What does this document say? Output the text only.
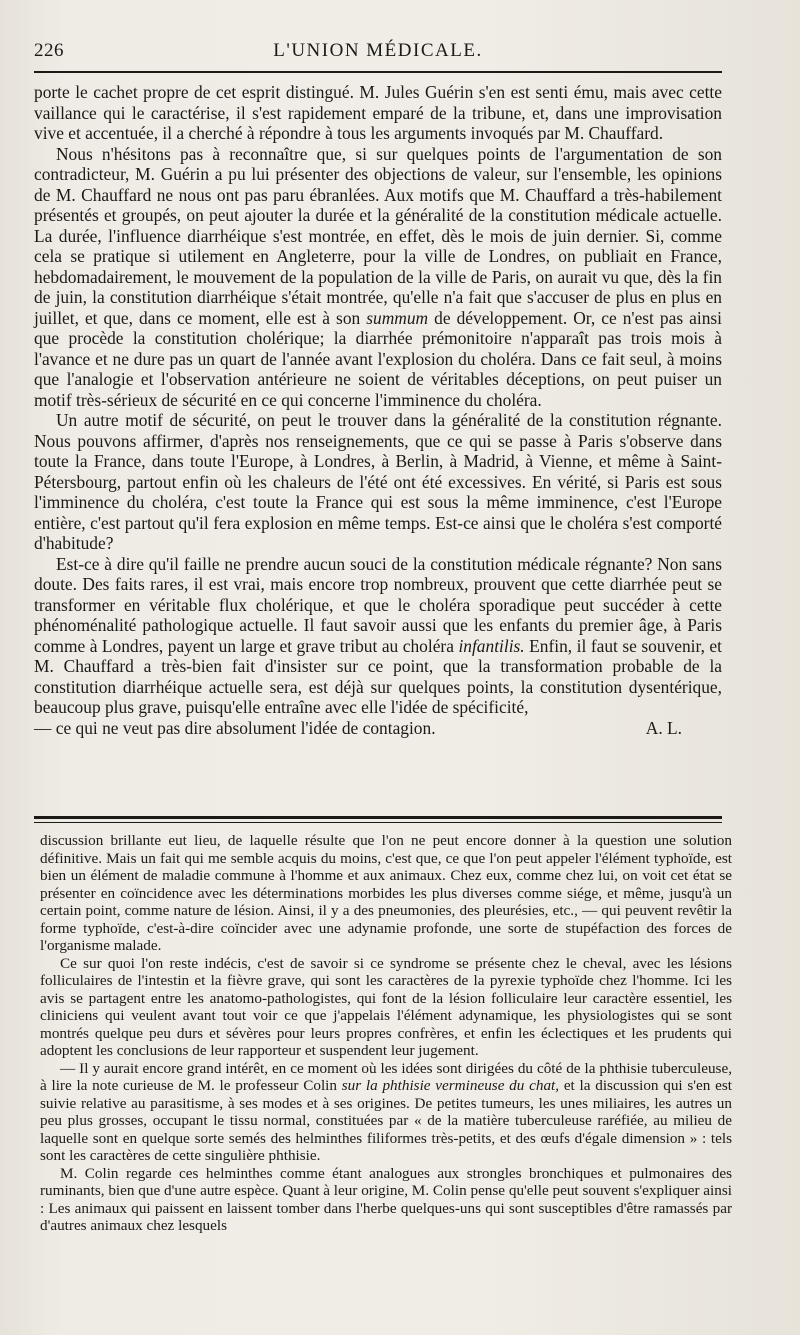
226	L'UNION MÉDICALE.

porte le cachet propre de cet esprit distingué. M. Jules Guérin s'en est senti ému, mais avec cette vaillance qui le caractérise, il s'est rapidement emparé de la tribune, et, dans une improvisation vive et accentuée, il a cherché à répondre à tous les arguments invoqués par M. Chauffard.

Nous n'hésitons pas à reconnaître que, si sur quelques points de l'argumentation de son contradicteur, M. Guérin a pu lui présenter des objections de valeur, sur l'ensemble, les opinions de M. Chauffard ne nous ont pas paru ébranlées. Aux motifs que M. Chauffard a très-habilement présentés et groupés, on peut ajouter la durée et la généralité de la constitution médicale actuelle. La durée, l'influence diarrhéique s'est montrée, en effet, dès le mois de juin dernier. Si, comme cela se pratique si utilement en Angleterre, pour la ville de Londres, on publiait en France, hebdomadairement, le mouvement de la population de la ville de Paris, on aurait vu que, dès la fin de juin, la constitution diarrhéique s'était montrée, qu'elle n'a fait que s'accuser de plus en plus en juillet, et que, dans ce moment, elle est à son summum de développement. Or, ce n'est pas ainsi que procède la constitution cholérique; la diarrhée prémonitoire n'apparaît pas trois mois à l'avance et ne dure pas un quart de l'année avant l'explosion du choléra. Dans ce fait seul, à moins que l'analogie et l'observation antérieure ne soient de véritables déceptions, on peut puiser un motif très-sérieux de sécurité en ce qui concerne l'imminence du choléra.

Un autre motif de sécurité, on peut le trouver dans la généralité de la constitution régnante. Nous pouvons affirmer, d'après nos renseignements, que ce qui se passe à Paris s'observe dans toute la France, dans toute l'Europe, à Londres, à Berlin, à Madrid, à Vienne, et même à Saint-Pétersbourg, partout enfin où les chaleurs de l'été ont été excessives. En vérité, si Paris est sous l'imminence du choléra, c'est toute la France qui est sous la même imminence, c'est l'Europe entière, c'est partout qu'il fera explosion en même temps. Est-ce ainsi que le choléra s'est comporté d'habitude?

Est-ce à dire qu'il faille ne prendre aucun souci de la constitution médicale régnante? Non sans doute. Des faits rares, il est vrai, mais encore trop nombreux, prouvent que cette diarrhée peut se transformer en véritable flux cholérique, et que le choléra sporadique peut succéder à cette phénoménalité pathologique actuelle. Il faut savoir aussi que les enfants du premier âge, à Paris comme à Londres, payent un large et grave tribut au choléra infantilis. Enfin, il faut se souvenir, et M. Chauffard a très-bien fait d'insister sur ce point, que la transformation probable de la constitution diarrhéique actuelle sera, est déjà sur quelques points, la constitution dysentérique, beaucoup plus grave, puisqu'elle entraîne avec elle l'idée de spécificité,

— ce qui ne veut pas dire absolument l'idée de contagion.	A. L.

discussion brillante eut lieu, de laquelle résulte que l'on ne peut encore donner à la question une solution définitive. Mais un fait qui me semble acquis du moins, c'est que, ce que l'on peut appeler l'élément typhoïde, est bien un élément de maladie commune à l'homme et aux animaux. Chez eux, comme chez lui, on voit cet état se présenter en coïncidence avec les déterminations morbides les plus diverses comme siége, et même, jusqu'à un certain point, comme nature de lésion. Ainsi, il y a des pneumonies, des pleurésies, etc., — qui peuvent revêtir la forme typhoïde, c'est-à-dire coïncider avec une adynamie profonde, une sorte de stupéfaction des forces de l'organisme malade.

Ce sur quoi l'on reste indécis, c'est de savoir si ce syndrome se présente chez le cheval, avec les lésions folliculaires de l'intestin et la fièvre grave, qui sont les caractères de la pyrexie typhoïde chez l'homme. Ici les avis se partagent entre les anatomo-pathologistes, qui font de la lésion folliculaire leur caractère essentiel, les cliniciens qui veulent avant tout voir ce que j'appelais l'élément adynamique, les physiologistes qui se sont montrés quelque peu durs et sévères pour leurs propres confrères, et enfin les éclectiques et les prudents qui adoptent les conclusions de leur rapporteur et suspendent leur jugement.

— Il y aurait encore grand intérêt, en ce moment où les idées sont dirigées du côté de la phthisie tuberculeuse, à lire la note curieuse de M. le professeur Colin sur la phthisie vermineuse du chat, et la discussion qui s'en est suivie relative au parasitisme, à ses modes et à ses origines. De petites tumeurs, les unes miliaires, les autres un peu plus grosses, occupant le tissu normal, constituées par « de la matière tuberculeuse raréfiée, au milieu de laquelle sont en quelque sorte semés des helminthes filiformes très-petits, et des œufs d'égale dimension » : tels sont les caractères de cette singulière phthisie.

M. Colin regarde ces helminthes comme étant analogues aux strongles bronchiques et pulmonaires des ruminants, bien que d'une autre espèce. Quant à leur origine, M. Colin pense qu'elle peut souvent s'expliquer ainsi : Les animaux qui paissent en laissent tomber dans l'herbe quelques-uns qui sont susceptibles d'être ramassés par d'autres animaux chez lesquels
